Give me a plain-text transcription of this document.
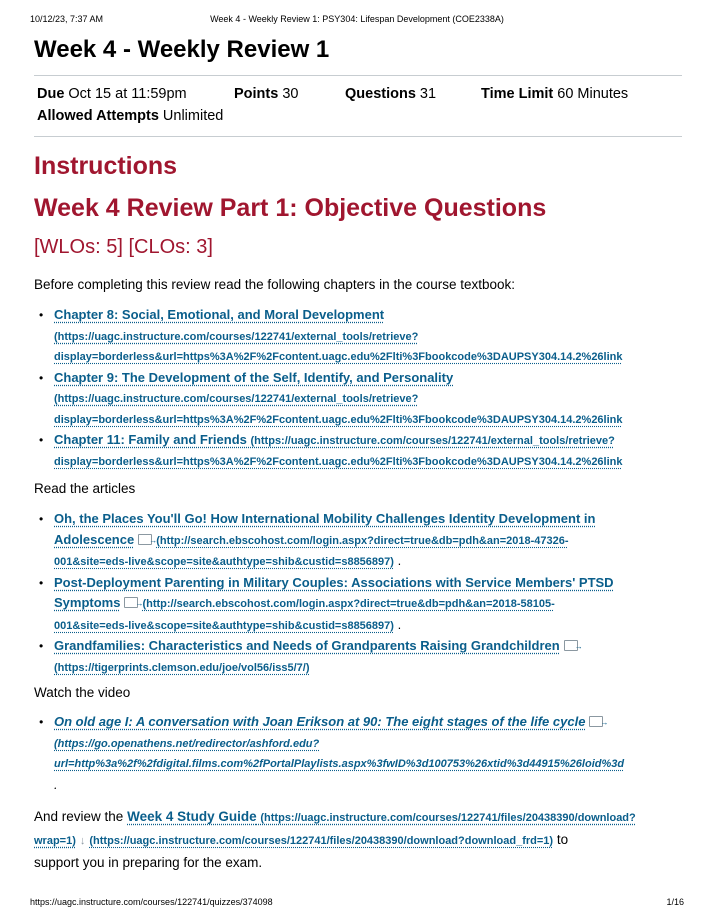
10/12/23, 7:37 AM	Week 4 - Weekly Review 1: PSY304: Lifespan Development (COE2338A)
Week 4 - Weekly Review 1
Due Oct 15 at 11:59pm	Points 30	Questions 31	Time Limit 60 Minutes
Allowed Attempts Unlimited
Instructions
Week 4 Review Part 1: Objective Questions
[WLOs: 5] [CLOs: 3]

Before completing this review read the following chapters in the course textbook:

• Chapter 8: Social, Emotional, and Moral Development
(https://uagc.instructure.com/courses/122741/external_tools/retrieve?
display=borderless&url=https%3A%2F%2Fcontent.uagc.edu%2Flti%3Fbookcode%3DAUPSY304.14.2%26link
• Chapter 9: The Development of the Self, Identify, and Personality
(https://uagc.instructure.com/courses/122741/external_tools/retrieve?
display=borderless&url=https%3A%2F%2Fcontent.uagc.edu%2Flti%3Fbookcode%3DAUPSY304.14.2%26link
• Chapter 11: Family and Friends (https://uagc.instructure.com/courses/122741/external_tools/retrieve?
display=borderless&url=https%3A%2F%2Fcontent.uagc.edu%2Flti%3Fbookcode%3DAUPSY304.14.2%26link

Read the articles

• Oh, the Places You'll Go! How International Mobility Challenges Identity Development in
Adolescence → (http://search.ebscohost.com/login.aspx?direct=true&db=pdh&an=2018-47326-
001&site=eds-live&scope=site&authtype=shib&custid=s8856897) .
• Post-Deployment Parenting in Military Couples: Associations with Service Members' PTSD
Symptoms → (http://search.ebscohost.com/login.aspx?direct=true&db=pdh&an=2018-58105-
001&site=eds-live&scope=site&authtype=shib&custid=s8856897) .
• Grandfamilies: Characteristics and Needs of Grandparents Raising Grandchildren→
(https://tigerprints.clemson.edu/joe/vol56/iss5/7/)

Watch the video

• On old age I: A conversation with Joan Erikson at 90: The eight stages of the life cycle→
(https://go.openathens.net/redirector/ashford.edu?
url=http%3a%2f%2fdigital.films.com%2fPortalPlaylists.aspx%3fwID%3d100753%26xtid%3d44915%26loid%3d
.
And review the Week 4 Study Guide (https://uagc.instructure.com/courses/122741/files/20438390/download?
wrap=1) ↓ (https://uagc.instructure.com/courses/122741/files/20438390/download?download_frd=1) to
support you in preparing for the exam.
https://uagc.instructure.com/courses/122741/quizzes/374098	1/16
